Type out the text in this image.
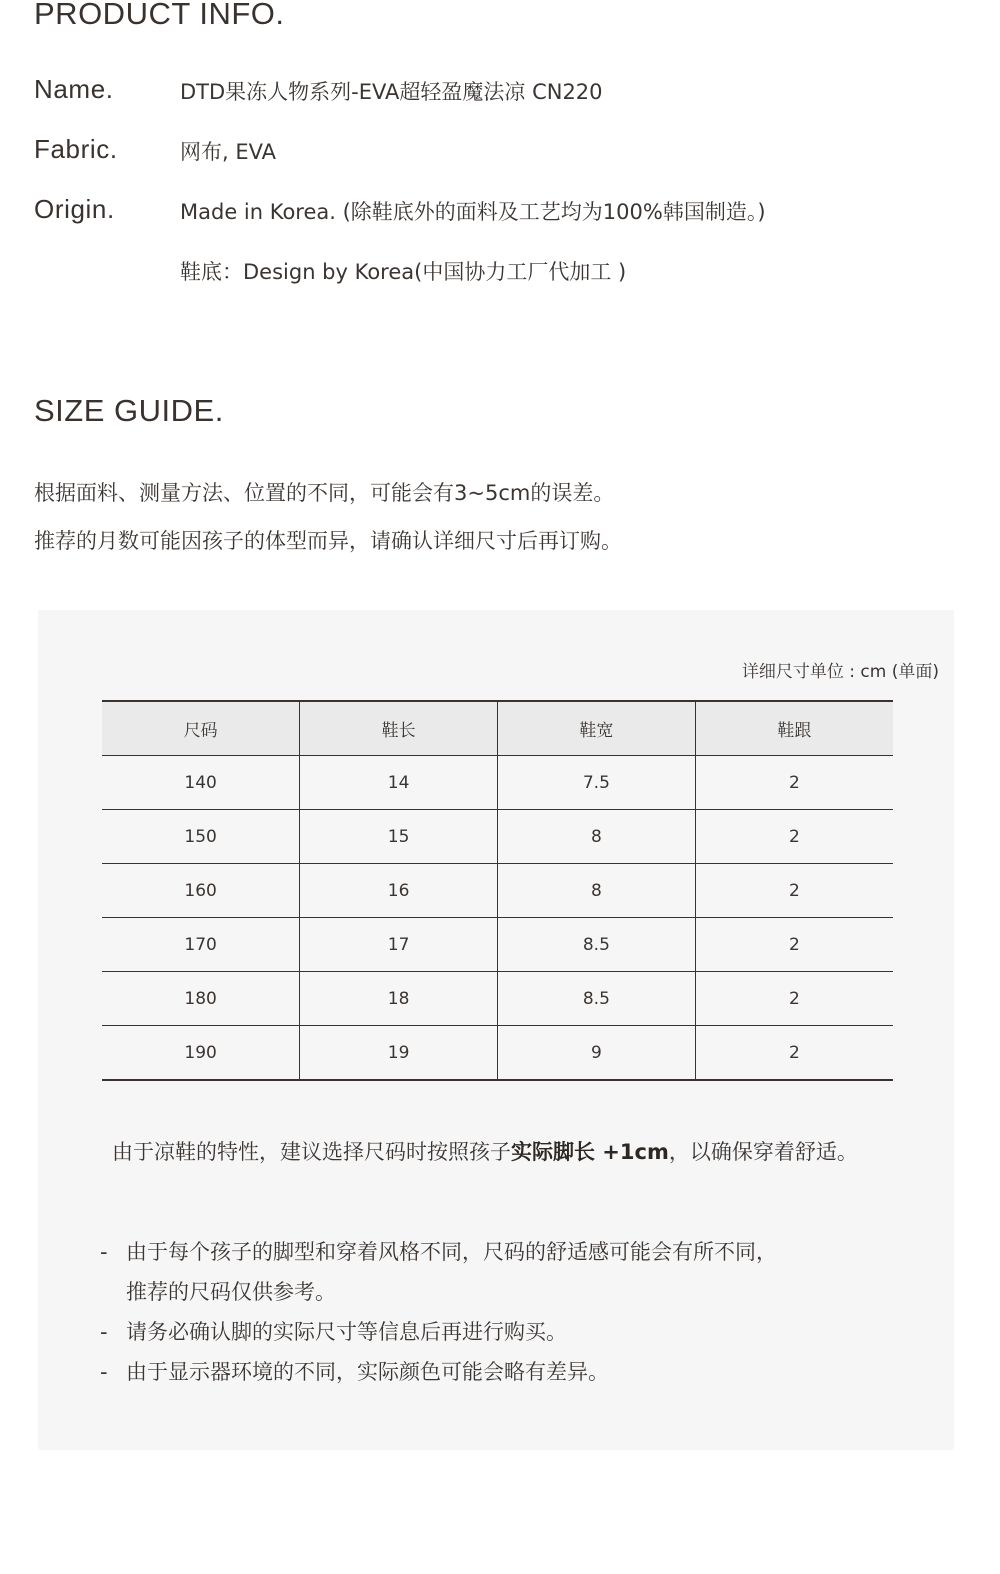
PRODUCT INFO.
Name.	DTD果冻人物系列-EVA超轻盈魔法凉 CN220
Fabric.	网布, EVA
Origin.	Made in Korea. (除鞋底外的面料及工艺均为100%韩国制造。)
鞋底：Design by Korea(中国协力工厂代加工 )
SIZE GUIDE.
根据面料、测量方法、位置的不同，可能会有3~5cm的误差。
推荐的月数可能因孩子的体型而异，请确认详细尺寸后再订购。
详细尺寸单位 : cm (单面)
尺码	鞋长	鞋宽	鞋跟
140	14	7.5	2
150	15	8	2
160	16	8	2
170	17	8.5	2
180	18	8.5	2
190	19	9	2
由于凉鞋的特性，建议选择尺码时按照孩子实际脚长 +1cm，以确保穿着舒适。
- 由于每个孩子的脚型和穿着风格不同，尺码的舒适感可能会有所不同，
推荐的尺码仅供参考。
- 请务必确认脚的实际尺寸等信息后再进行购买。
- 由于显示器环境的不同，实际颜色可能会略有差异。
